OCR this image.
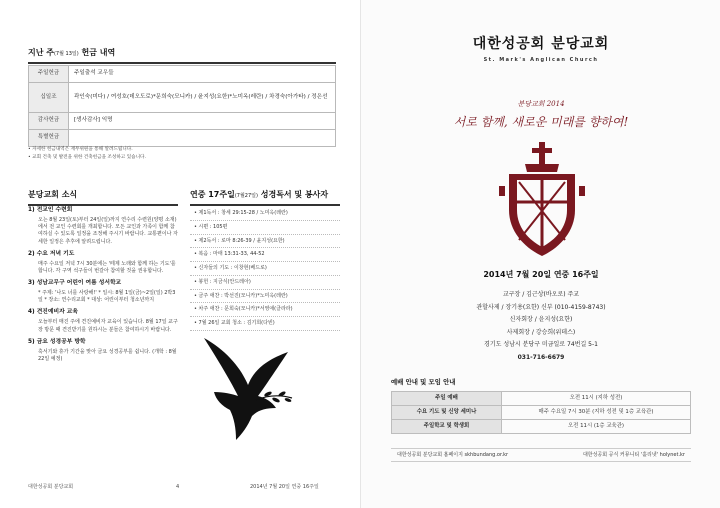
지난 주(7월 13일) 헌금 내역
주일헌금	주일출석 교우들
십일조	곽인숙(미다) / 여성호(데오도로)*문희숙(모니카) / 윤지성(요한)*노미옥(레란) / 차경숙(아가타) / 정은선
감사헌금	[생사감사] 익명
특별헌금	
• 자세한 헌금내역은 재무위원을 통해 알려드립니다.
• 교회 건축 및 발전을 위한 건축헌금을 조성하고 있습니다.
분당교회 소식
1) 전교인 수련회

오는 8월 23일(토)부터 24일(일)까지 연수리 수련원(양평 소재)에서 전 교인 수련회를 개최합니다. 모든 교인과 가족이 함께 참여하실 수 있도록 일정을 조정해 주시기 바랍니다. 교통편이나 자세한 일정은 추후에 알려드립니다.

2) 수요 저녁 기도

매주 수요일 저녁 7시 30분에는 '떼제 노래와 함께 하는 기도'를 합니다. 각 구역 석구들이 번갈아 참여할 것을 권유합니다.

3) 성남교무구 어린이 여름 성서학교

* 주제: '나도 너를 사랑해!' * 일시: 8월 1일(금)~2일(일) 2박3일 * 장소: 연수리교회 * 대상: 어린이부터 청소년까지

4) 견진예비자 교육

오늘부터 매진 주에 견진예비자 교육이 있습니다. 8월 17일 교구장 방문 때 견진받기를 원하시는 분들은 참여하시기 바랍니다.

5) 금요 성경공부 방학

혹서기와 휴가 기간을 맞아 금요 성경공부를 쉽니다. (개학 : 8월 22일 예정)

연중 17주일(7월27일) 성경독서 및 봉사자
• 제1독서 : 창세 29:15-28 / 노미옥(레란)
• 시편 : 105편
• 제2독서 : 로마 8:26-39 / 윤지성(요한)
• 복음 : 마태 13:31-33, 44-52
• 신자들의 기도 : 이창현(베드로)
• 봉헌 : 지금식(안드레아)
• 금주 애찬 : 박선진(모니카)*노미옥(레란)
• 차주 애찬 : 문희숙(모니카)*서영애(클라라)
• 7월 26일 교회 청소 : 김기희(다빈)
대한성공회 분당교회	4	2014년 7월 20일 연중 16주일
대한성공회 분당교회
St. Mark's Anglican Church
분당교회 2014
서로 함께, 새로운 미래를 향하여!
2014년 7월 20일 연중 16주일
교구장 / 김근상(바오로) 주교
관할사제 / 장기용(요한) 신부 (010-4159-8743)
신자회장 / 윤지성(요한)
사제회장 / 강승희(위데스)
경기도 성남시 분당구 미금일로 74번길 5-1
031-716-6679
예배 안내 및 모임 안내
주일 예배	오전 11시 (지하 성전)
수요 기도 및 신앙 세미나	매주 수요일 7시 30분 (지하 성전 및 1층 교육관)
주일학교 및 학생회	오전 11시 (1층 교육관)
대한성공회 분당교회 홈페이지 skhbundang.or.kr	대한성공회 공식 커뮤니티 '홀리넷' holynet.kr
